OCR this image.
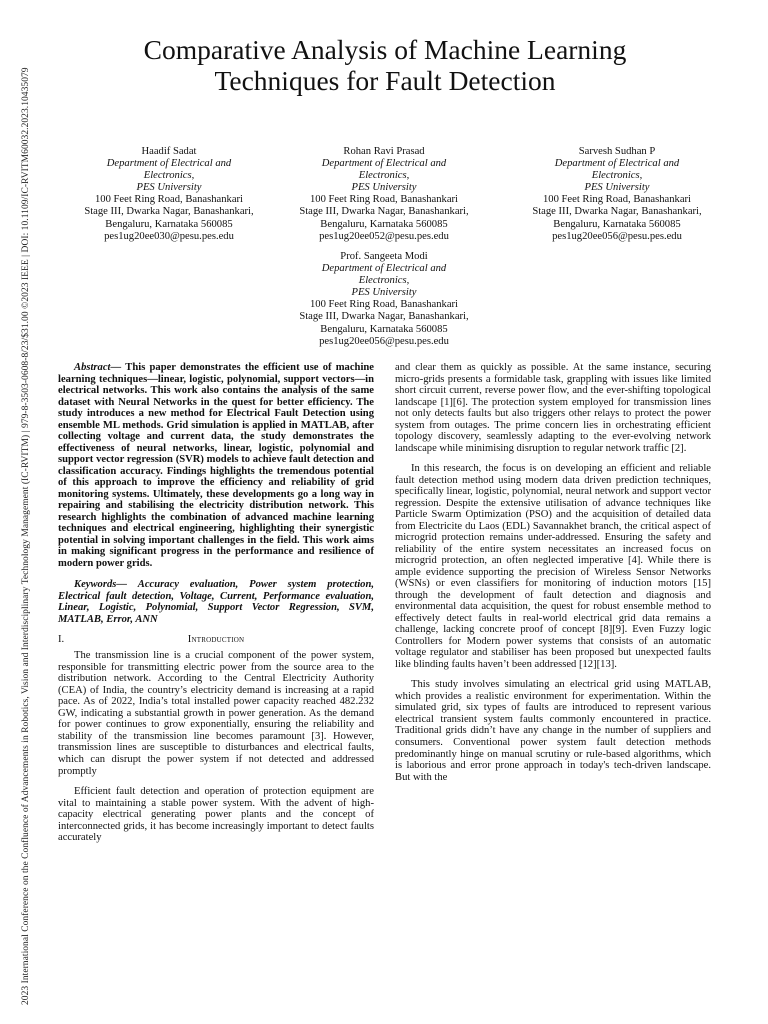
2023 International Conference on the Confluence of Advancements in Robotics, Vision and Interdisciplinary Technology Management (IC-RVITM) | 979-8-3503-0608-8/23/$31.00 ©2023 IEEE | DOI: 10.1109/IC-RVITM60032.2023.10435079
Comparative Analysis of Machine Learning
Techniques for Fault Detection
Haadif Sadat
Department of Electrical and
Electronics,
PES University
100 Feet Ring Road, Banashankari
Stage III, Dwarka Nagar, Banashankari,
Bengaluru, Karnataka 560085
pes1ug20ee030@pesu.pes.edu
Rohan Ravi Prasad
Department of Electrical and
Electronics,
PES University
100 Feet Ring Road, Banashankari
Stage III, Dwarka Nagar, Banashankari,
Bengaluru, Karnataka 560085
pes1ug20ee052@pesu.pes.edu
Sarvesh Sudhan P
Department of Electrical and
Electronics,
PES University
100 Feet Ring Road, Banashankari
Stage III, Dwarka Nagar, Banashankari,
Bengaluru, Karnataka 560085
pes1ug20ee056@pesu.pes.edu
Prof. Sangeeta Modi
Department of Electrical and
Electronics,
PES University
100 Feet Ring Road, Banashankari
Stage III, Dwarka Nagar, Banashankari,
Bengaluru, Karnataka 560085
pes1ug20ee056@pesu.pes.edu

Abstract— This paper demonstrates the efficient use of machine learning techniques—linear, logistic, polynomial, support vectors—in electrical networks. This work also contains the analysis of the same dataset with Neural Networks in the quest for better efficiency. The study introduces a new method for Electrical Fault Detection using ensemble ML methods. Grid simulation is applied in MATLAB, after collecting voltage and current data, the study demonstrates the effectiveness of neural networks, linear, logistic, polynomial and support vector regression (SVR) models to achieve fault detection and classification accuracy. Findings highlights the tremendous potential of this approach to improve the efficiency and reliability of grid monitoring systems. Ultimately, these developments go a long way in repairing and stabilising the electricity distribution network. This research highlights the combination of advanced machine learning techniques and electrical engineering, highlighting their synergistic potential in solving important challenges in the field. This work aims in making significant progress in the performance and resilience of modern power grids.

Keywords— Accuracy evaluation, Power system protection, Electrical fault detection, Voltage, Current, Performance evaluation, Linear, Logistic, Polynomial, Support Vector Regression, SVM, MATLAB, Error, ANN

I.	Introduction

The transmission line is a crucial component of the power system, responsible for transmitting electric power from the source area to the distribution network. According to the Central Electricity Authority (CEA) of India, the country’s electricity demand is increasing at a rapid pace. As of 2022, India’s total installed power capacity reached 482.232 GW, indicating a substantial growth in power generation. As the demand for power continues to grow exponentially, ensuring the reliability and stability of the transmission line becomes paramount [3]. However, transmission lines are susceptible to disturbances and electrical faults, which can disrupt the power system if not detected and addressed promptly

Efficient fault detection and operation of protection equipment are vital to maintaining a stable power system. With the advent of high-capacity electrical generating power plants and the concept of interconnected grids, it has become increasingly important to detect faults accurately

and clear them as quickly as possible. At the same instance, securing micro-grids presents a formidable task, grappling with issues like limited short circuit current, reverse power flow, and the ever-shifting topological landscape [1][6]. The protection system employed for transmission lines not only detects faults but also triggers other relays to protect the power system from outages. The prime concern lies in orchestrating efficient topology discovery, seamlessly adapting to the ever-evolving network landscape while minimising disruption to regular network traffic [2].

In this research, the focus is on developing an efficient and reliable fault detection method using modern data driven prediction techniques, specifically linear, logistic, polynomial, neural network and support vector regression. Despite the extensive utilisation of advance techniques like Particle Swarm Optimization (PSO) and the acquisition of detailed data from Electricite du Laos (EDL) Savannakhet branch, the critical aspect of microgrid protection remains under-addressed. Ensuring the safety and reliability of the entire system necessitates an increased focus on microgrid protection, an often neglected imperative [4]. While there is ample evidence supporting the precision of Wireless Sensor Networks (WSNs) or even classifiers for monitoring of induction motors [15] through the development of fault detection and diagnosis and environmental data acquisition, the quest for robust ensemble method to effectively detect faults in real-world electrical grid data remains a challenge, lacking concrete proof of concept [8][9]. Even Fuzzy logic Controllers for Modern power systems that consists of an automatic voltage regulator and stabiliser has been proposed but unexpected faults like blinding faults haven’t been addressed [12][13].

This study involves simulating an electrical grid using MATLAB, which provides a realistic environment for experimentation. Within the simulated grid, six types of faults are introduced to represent various electrical transient system faults commonly encountered in practice. Traditional grids didn’t have any change in the number of suppliers and consumers. Conventional power system fault detection methods predominantly hinge on manual scrutiny or rule-based algorithms, which is laborious and error prone approach in today's tech-driven landscape. But with the
